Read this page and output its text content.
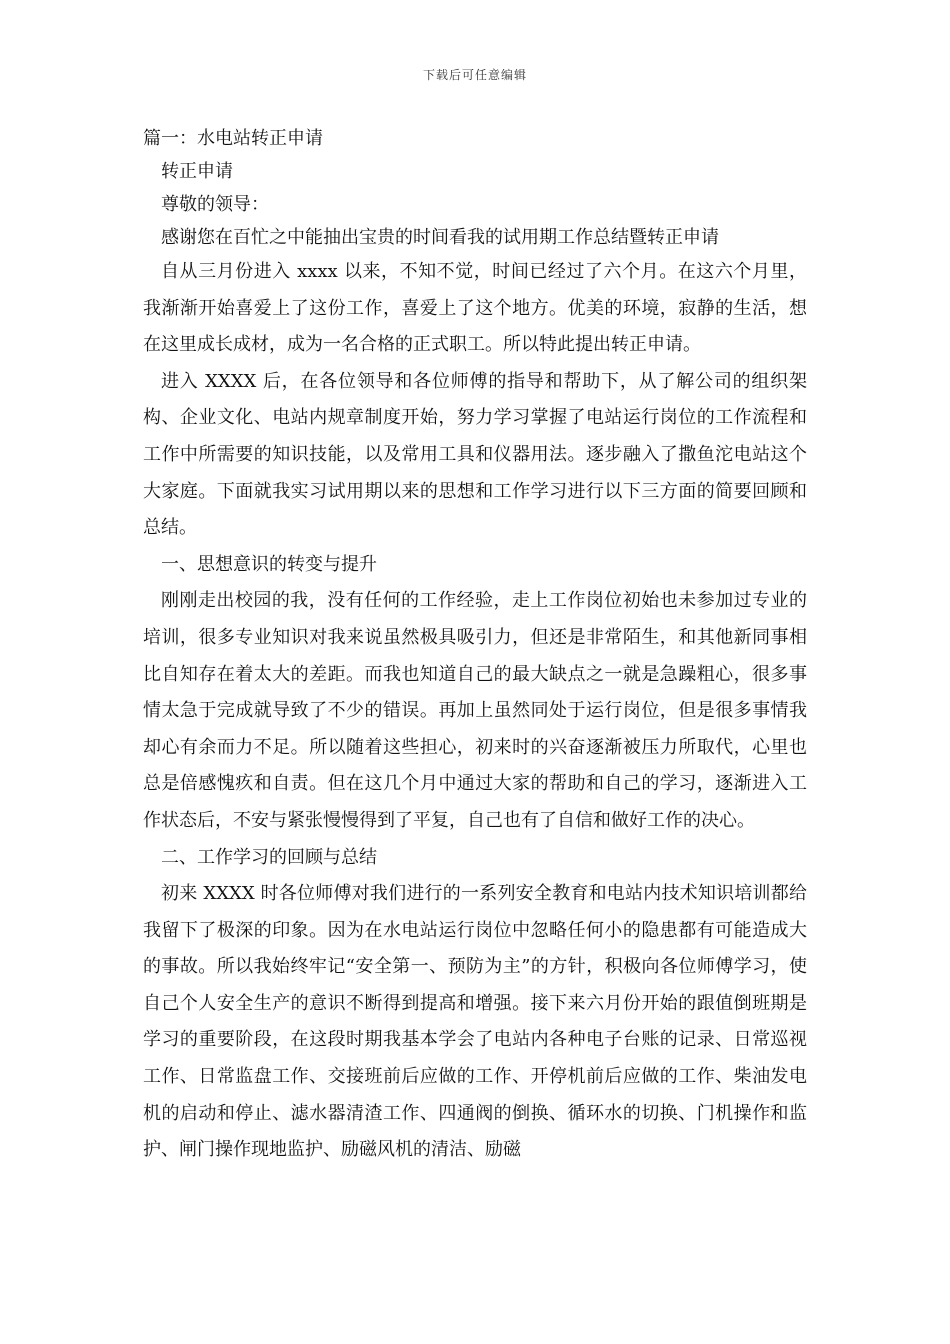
下载后可任意编辑
篇一：水电站转正申请
转正申请
尊敬的领导：
感谢您在百忙之中能抽出宝贵的时间看我的试用期工作总结暨转正申请

自从三月份进入 xxxx 以来，不知不觉，时间已经过了六个月。在这六个月里，我渐渐开始喜爱上了这份工作，喜爱上了这个地方。优美的环境，寂静的生活，想在这里成长成材，成为一名合格的正式职工。所以特此提出转正申请。

进入 XXXX 后，在各位领导和各位师傅的指导和帮助下，从了解公司的组织架构、企业文化、电站内规章制度开始，努力学习掌握了电站运行岗位的工作流程和工作中所需要的知识技能，以及常用工具和仪器用法。逐步融入了撒鱼沱电站这个大家庭。下面就我实习试用期以来的思想和工作学习进行以下三方面的简要回顾和总结。

一、思想意识的转变与提升

刚刚走出校园的我，没有任何的工作经验，走上工作岗位初始也未参加过专业的培训，很多专业知识对我来说虽然极具吸引力，但还是非常陌生，和其他新同事相比自知存在着太大的差距。而我也知道自己的最大缺点之一就是急躁粗心，很多事情太急于完成就导致了不少的错误。再加上虽然同处于运行岗位，但是很多事情我却心有余而力不足。所以随着这些担心，初来时的兴奋逐渐被压力所取代，心里也总是倍感愧疚和自责。但在这几个月中通过大家的帮助和自己的学习，逐渐进入工作状态后，不安与紧张慢慢得到了平复，自己也有了自信和做好工作的决心。

二、工作学习的回顾与总结

初来 XXXX 时各位师傅对我们进行的一系列安全教育和电站内技术知识培训都给我留下了极深的印象。因为在水电站运行岗位中忽略任何小的隐患都有可能造成大的事故。所以我始终牢记“安全第一、预防为主”的方针，积极向各位师傅学习，使自己个人安全生产的意识不断得到提高和增强。接下来六月份开始的跟值倒班期是学习的重要阶段，在这段时期我基本学会了电站内各种电子台账的记录、日常巡视工作、日常监盘工作、交接班前后应做的工作、开停机前后应做的工作、柴油发电机的启动和停止、滤水器清渣工作、四通阀的倒换、循环水的切换、门机操作和监护、闸门操作现地监护、励磁风机的清洁、励磁
